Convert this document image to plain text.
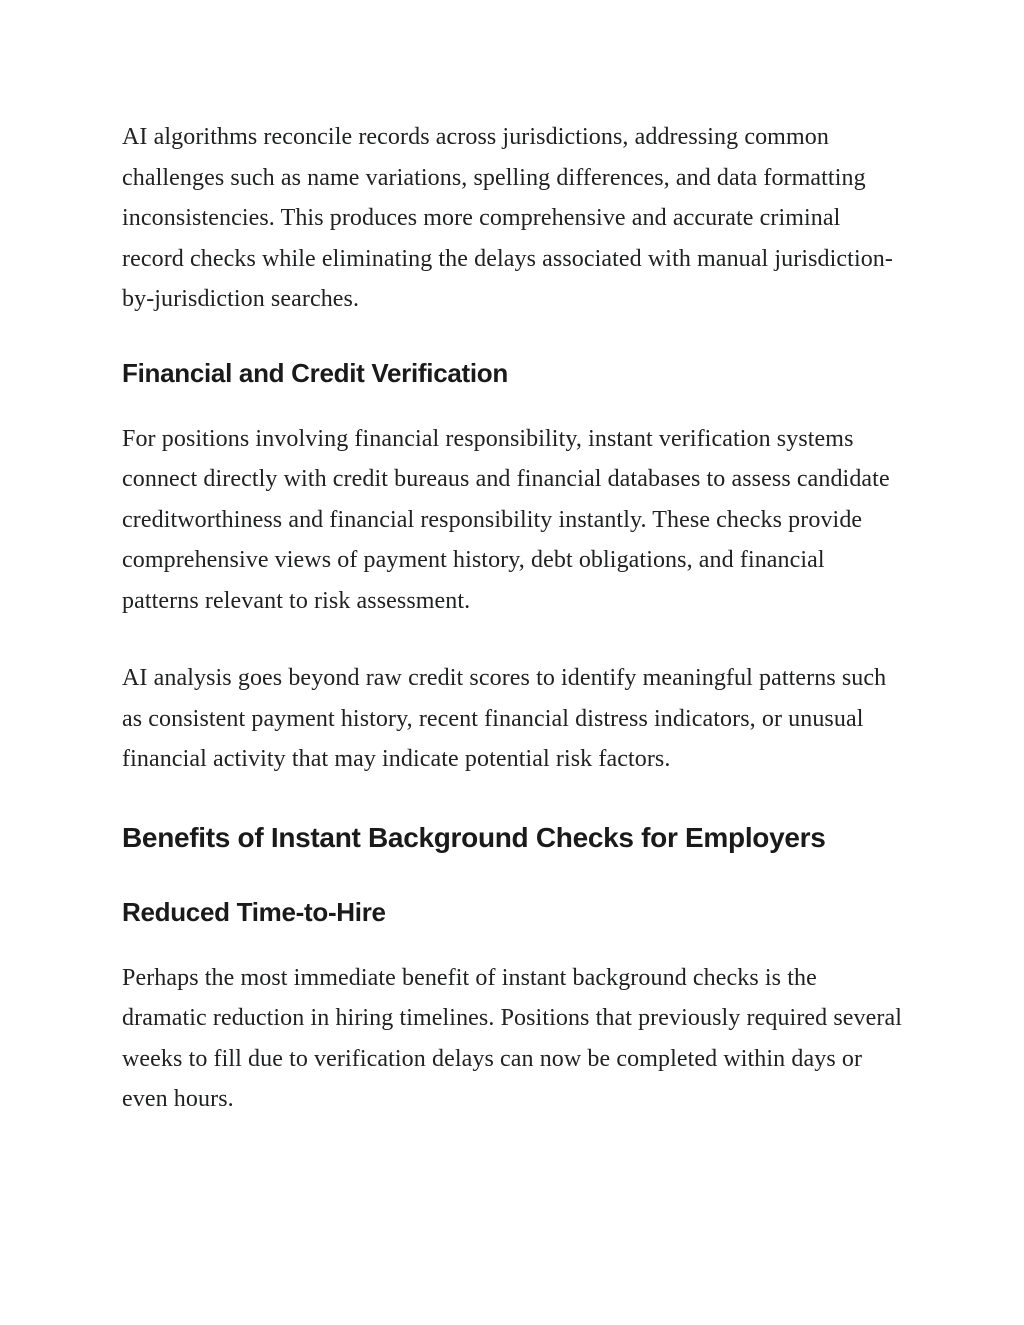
AI algorithms reconcile records across jurisdictions, addressing common challenges such as name variations, spelling differences, and data formatting inconsistencies. This produces more comprehensive and accurate criminal record checks while eliminating the delays associated with manual jurisdiction-by-jurisdiction searches.

Financial and Credit Verification

For positions involving financial responsibility, instant verification systems connect directly with credit bureaus and financial databases to assess candidate creditworthiness and financial responsibility instantly. These checks provide comprehensive views of payment history, debt obligations, and financial patterns relevant to risk assessment.

AI analysis goes beyond raw credit scores to identify meaningful patterns such as consistent payment history, recent financial distress indicators, or unusual financial activity that may indicate potential risk factors.

Benefits of Instant Background Checks for Employers
Reduced Time-to-Hire

Perhaps the most immediate benefit of instant background checks is the dramatic reduction in hiring timelines. Positions that previously required several weeks to fill due to verification delays can now be completed within days or even hours.
